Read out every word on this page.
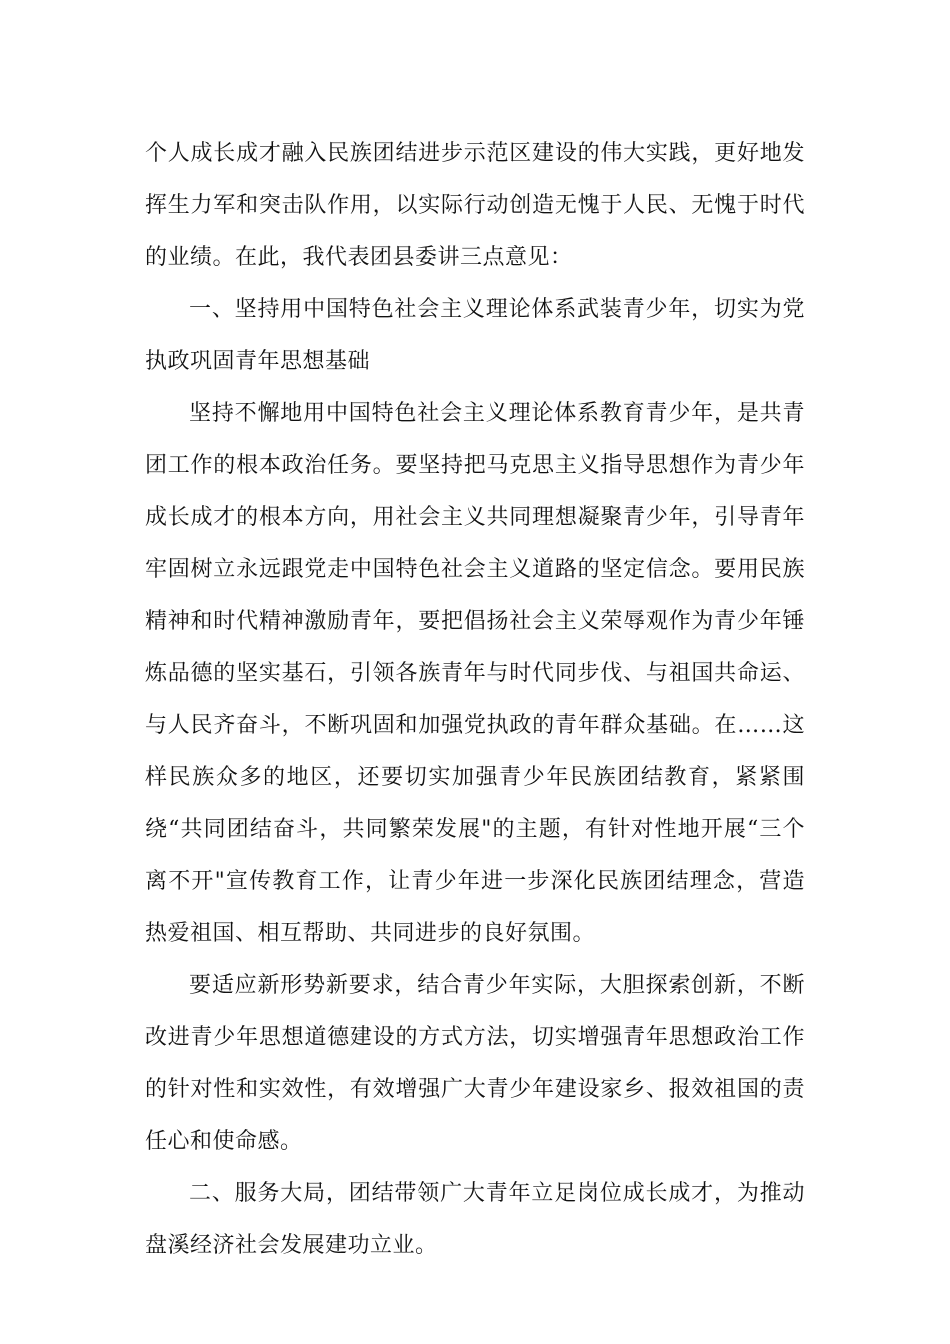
个人成长成才融入民族团结进步示范区建设的伟大实践，更好地发挥生力军和突击队作用，以实际行动创造无愧于人民、无愧于时代的业绩。在此，我代表团县委讲三点意见：

一、坚持用中国特色社会主义理论体系武装青少年，切实为党执政巩固青年思想基础

坚持不懈地用中国特色社会主义理论体系教育青少年，是共青团工作的根本政治任务。要坚持把马克思主义指导思想作为青少年成长成才的根本方向，用社会主义共同理想凝聚青少年，引导青年牢固树立永远跟党走中国特色社会主义道路的坚定信念。要用民族精神和时代精神激励青年，要把倡扬社会主义荣辱观作为青少年锤炼品德的坚实基石，引领各族青年与时代同步伐、与祖国共命运、与人民齐奋斗，不断巩固和加强党执政的青年群众基础。在……这样民族众多的地区，还要切实加强青少年民族团结教育，紧紧围绕“共同团结奋斗，共同繁荣发展"的主题，有针对性地开展“三个离不开"宣传教育工作，让青少年进一步深化民族团结理念，营造热爱祖国、相互帮助、共同进步的良好氛围。

要适应新形势新要求，结合青少年实际，大胆探索创新，不断改进青少年思想道德建设的方式方法，切实增强青年思想政治工作的针对性和实效性，有效增强广大青少年建设家乡、报效祖国的责任心和使命感。

二、服务大局，团结带领广大青年立足岗位成长成才，为推动盘溪经济社会发展建功立业。
